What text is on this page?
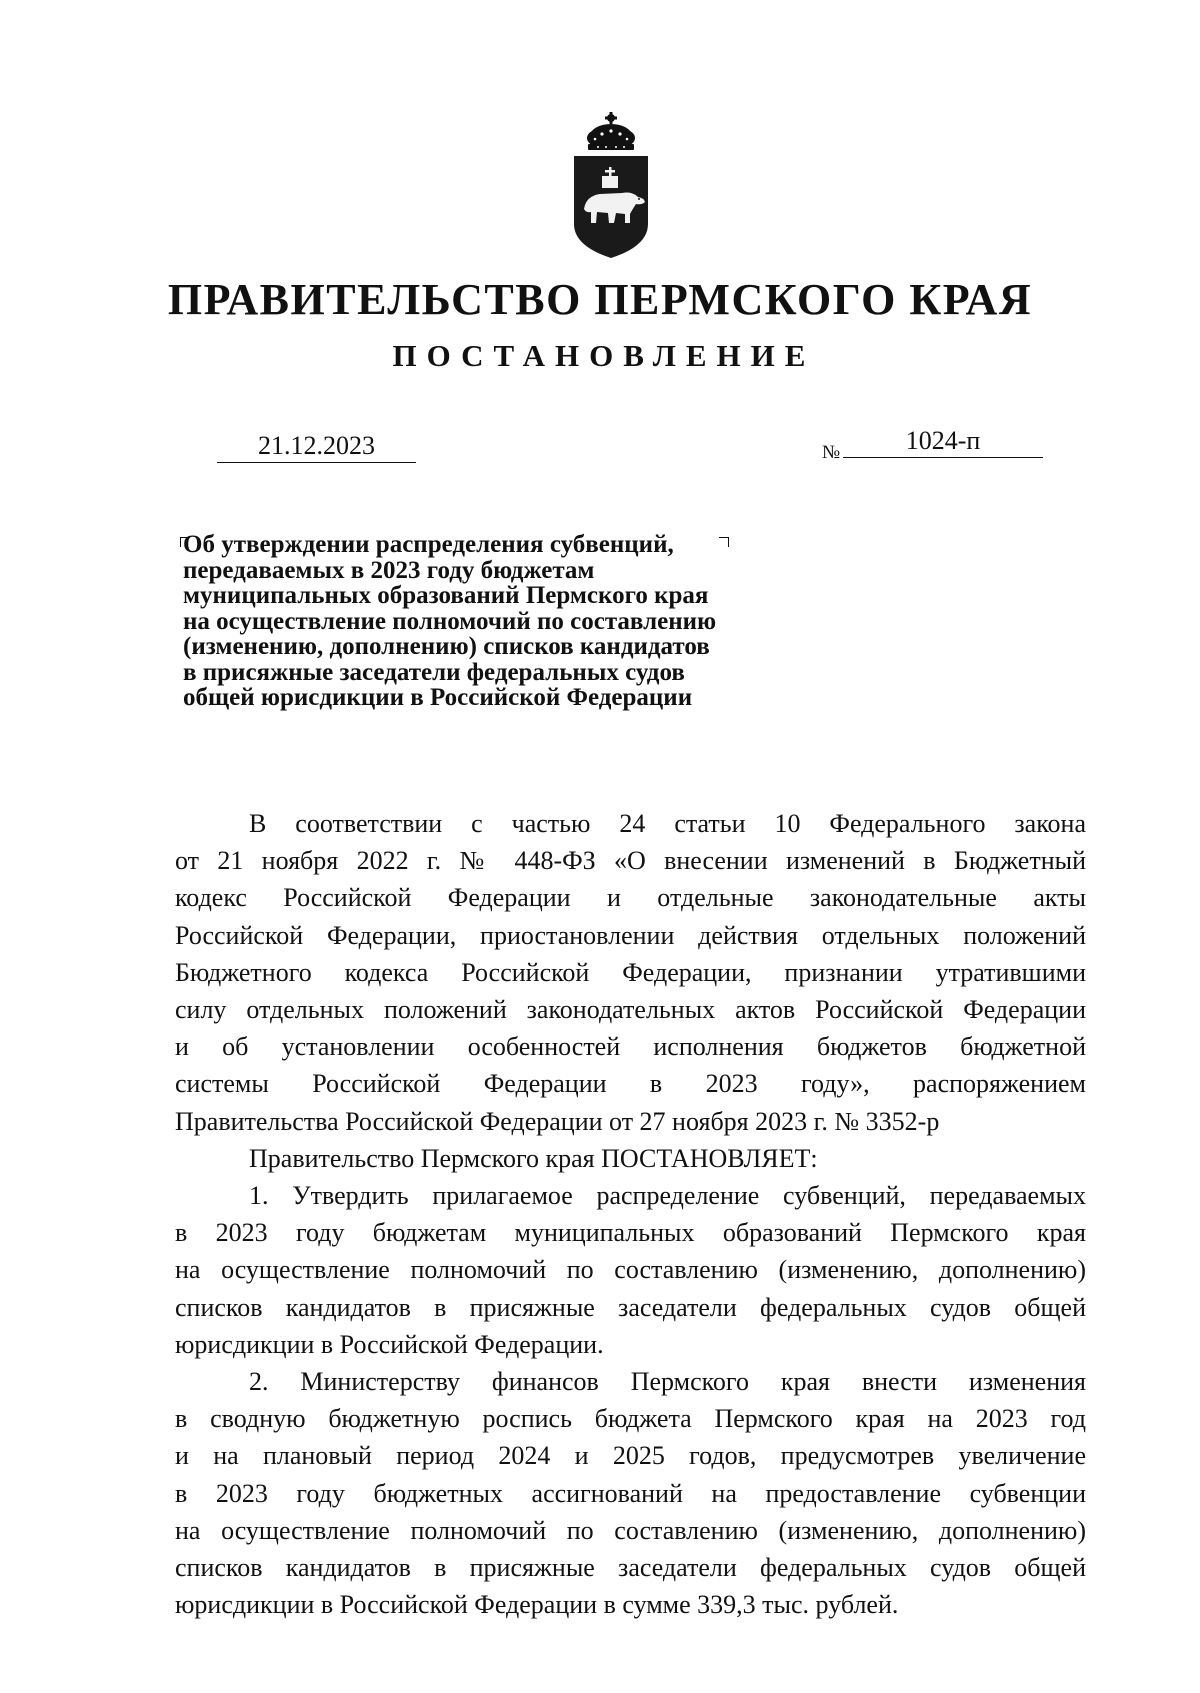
ПРАВИТЕЛЬСТВО ПЕРМСКОГО КРАЯ
ПОСТАНОВЛЕНИЕ
21.12.2023	№	1024-п
Об утверждении распределения субвенций,
передаваемых в 2023 году бюджетам
муниципальных образований Пермского края
на осуществление полномочий по составлению
(изменению, дополнению) списков кандидатов
в присяжные заседатели федеральных судов
общей юрисдикции в Российской Федерации
В соответствии с частью 24 статьи 10 Федерального закона
от 21 ноября 2022 г. № 448-ФЗ «О внесении изменений в Бюджетный
кодекс Российской Федерации и отдельные законодательные акты
Российской Федерации, приостановлении действия отдельных положений
Бюджетного кодекса Российской Федерации, признании утратившими
силу отдельных положений законодательных актов Российской Федерации
и об установлении особенностей исполнения бюджетов бюджетной
системы Российской Федерации в 2023 году», распоряжением
Правительства Российской Федерации от 27 ноября 2023 г. № 3352-р
Правительство Пермского края ПОСТАНОВЛЯЕТ:
1. Утвердить прилагаемое распределение субвенций, передаваемых
в 2023 году бюджетам муниципальных образований Пермского края
на осуществление полномочий по составлению (изменению, дополнению)
списков кандидатов в присяжные заседатели федеральных судов общей
юрисдикции в Российской Федерации.
2. Министерству финансов Пермского края внести изменения
в сводную бюджетную роспись бюджета Пермского края на 2023 год
и на плановый период 2024 и 2025 годов, предусмотрев увеличение
в 2023 году бюджетных ассигнований на предоставление субвенции
на осуществление полномочий по составлению (изменению, дополнению)
списков кандидатов в присяжные заседатели федеральных судов общей
юрисдикции в Российской Федерации в сумме 339,3 тыс. рублей.
